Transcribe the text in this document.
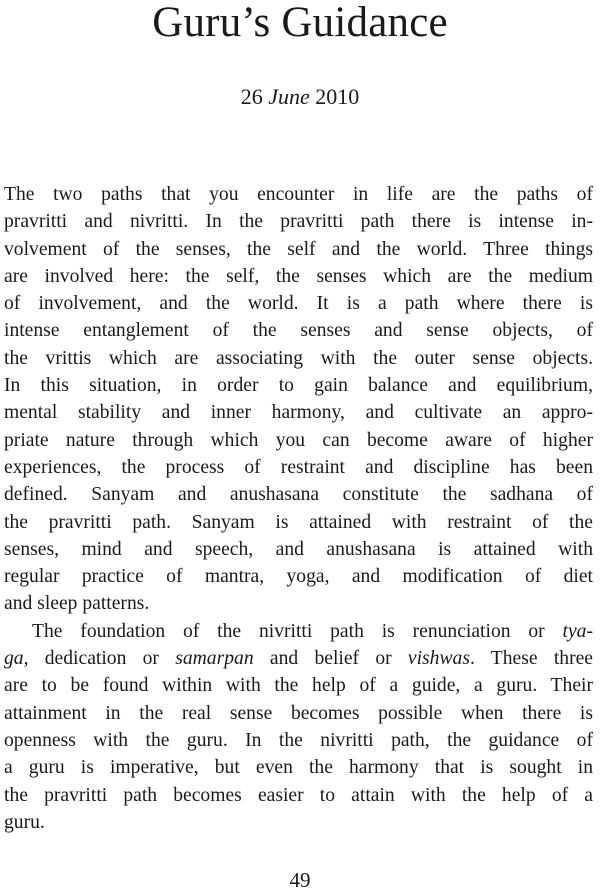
Guru’s Guidance
26 June 2010
The two paths that you encounter in life are the paths of
pravritti and nivritti. In the pravritti path there is intense in-
volvement of the senses, the self and the world. Three things
are involved here: the self, the senses which are the medium
of involvement, and the world. It is a path where there is
intense entanglement of the senses and sense objects, of
the vrittis which are associating with the outer sense objects.
In this situation, in order to gain balance and equilibrium,
mental stability and inner harmony, and cultivate an appro-
priate nature through which you can become aware of higher
experiences, the process of restraint and discipline has been
defined. Sanyam and anushasana constitute the sadhana of
the pravritti path. Sanyam is attained with restraint of the
senses, mind and speech, and anushasana is attained with
regular practice of mantra, yoga, and modification of diet
and sleep patterns.
The foundation of the nivritti path is renunciation or tya-
ga, dedication or samarpan and belief or vishwas. These three
are to be found within with the help of a guide, a guru. Their
attainment in the real sense becomes possible when there is
openness with the guru. In the nivritti path, the guidance of
a guru is imperative, but even the harmony that is sought in
the pravritti path becomes easier to attain with the help of a
guru.
49
